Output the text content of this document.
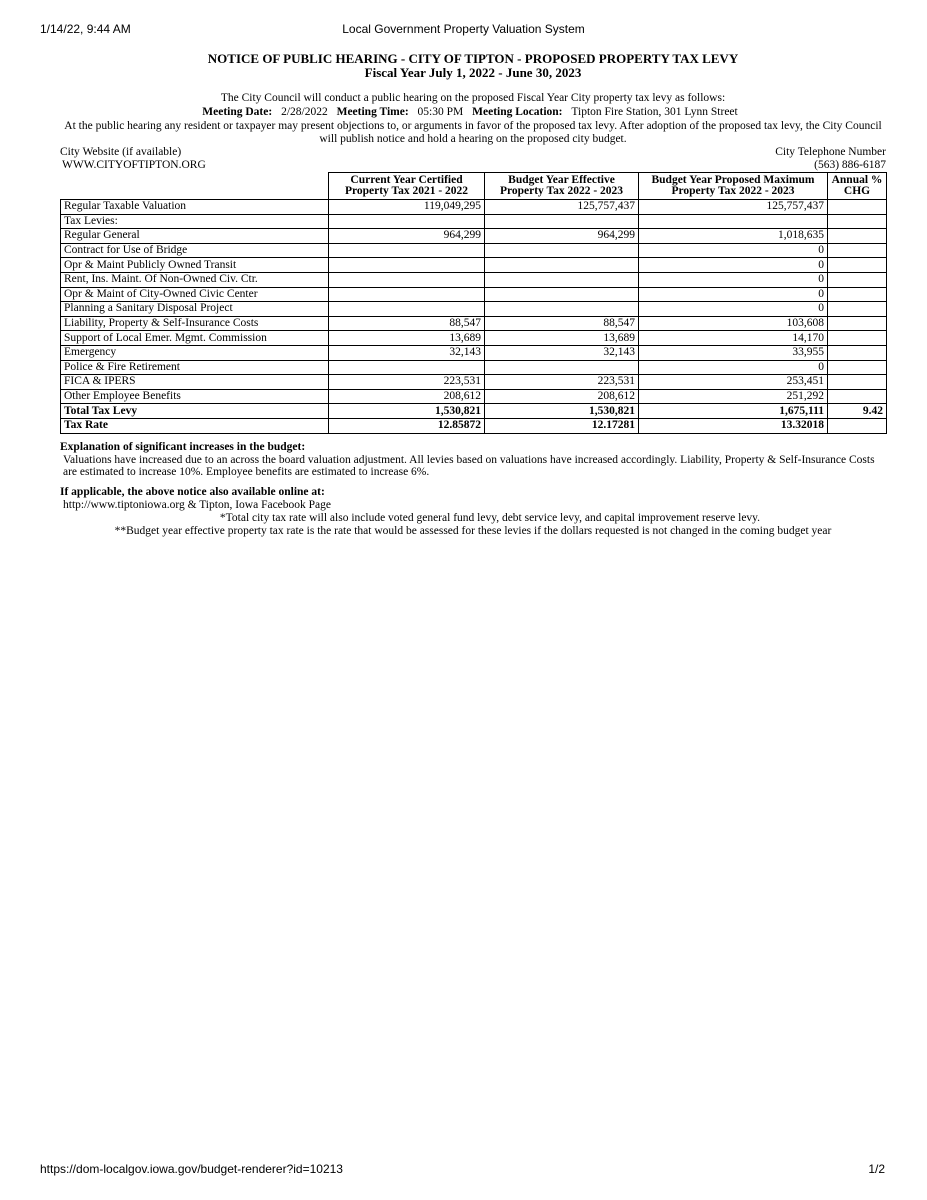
1/14/22, 9:44 AM	Local Government Property Valuation System
NOTICE OF PUBLIC HEARING - CITY OF TIPTON - PROPOSED PROPERTY TAX LEVY
Fiscal Year July 1, 2022 - June 30, 2023
The City Council will conduct a public hearing on the proposed Fiscal Year City property tax levy as follows:
Meeting Date: 2/28/2022 Meeting Time: 05:30 PM Meeting Location: Tipton Fire Station, 301 Lynn Street
At the public hearing any resident or taxpayer may present objections to, or arguments in favor of the proposed tax levy. After adoption of the proposed tax levy, the City Council will publish notice and hold a hearing on the proposed city budget.
City Website (if available)
WWW.CITYOFTIPTON.ORG
City Telephone Number
(563) 886-6187
	Current Year Certified Property Tax 2021 - 2022	Budget Year Effective Property Tax 2022 - 2023	Budget Year Proposed Maximum Property Tax 2022 - 2023	Annual % CHG
Regular Taxable Valuation	119,049,295	125,757,437	125,757,437	
Tax Levies:				
Regular General	964,299	964,299	1,018,635	
Contract for Use of Bridge			0	
Opr & Maint Publicly Owned Transit			0	
Rent, Ins. Maint. Of Non-Owned Civ. Ctr.			0	
Opr & Maint of City-Owned Civic Center			0	
Planning a Sanitary Disposal Project			0	
Liability, Property & Self-Insurance Costs	88,547	88,547	103,608	
Support of Local Emer. Mgmt. Commission	13,689	13,689	14,170	
Emergency	32,143	32,143	33,955	
Police & Fire Retirement			0	
FICA & IPERS	223,531	223,531	253,451	
Other Employee Benefits	208,612	208,612	251,292	
Total Tax Levy	1,530,821	1,530,821	1,675,111	9.42
Tax Rate	12.85872	12.17281	13.32018	
Explanation of significant increases in the budget:
Valuations have increased due to an across the board valuation adjustment. All levies based on valuations have increased accordingly. Liability, Property & Self-Insurance Costs are estimated to increase 10%. Employee benefits are estimated to increase 6%.
If applicable, the above notice also available online at:
http://www.tiptoniowa.org & Tipton, Iowa Facebook Page
*Total city tax rate will also include voted general fund levy, debt service levy, and capital improvement reserve levy.
**Budget year effective property tax rate is the rate that would be assessed for these levies if the dollars requested is not changed in the coming budget year
https://dom-localgov.iowa.gov/budget-renderer?id=10213	1/2
